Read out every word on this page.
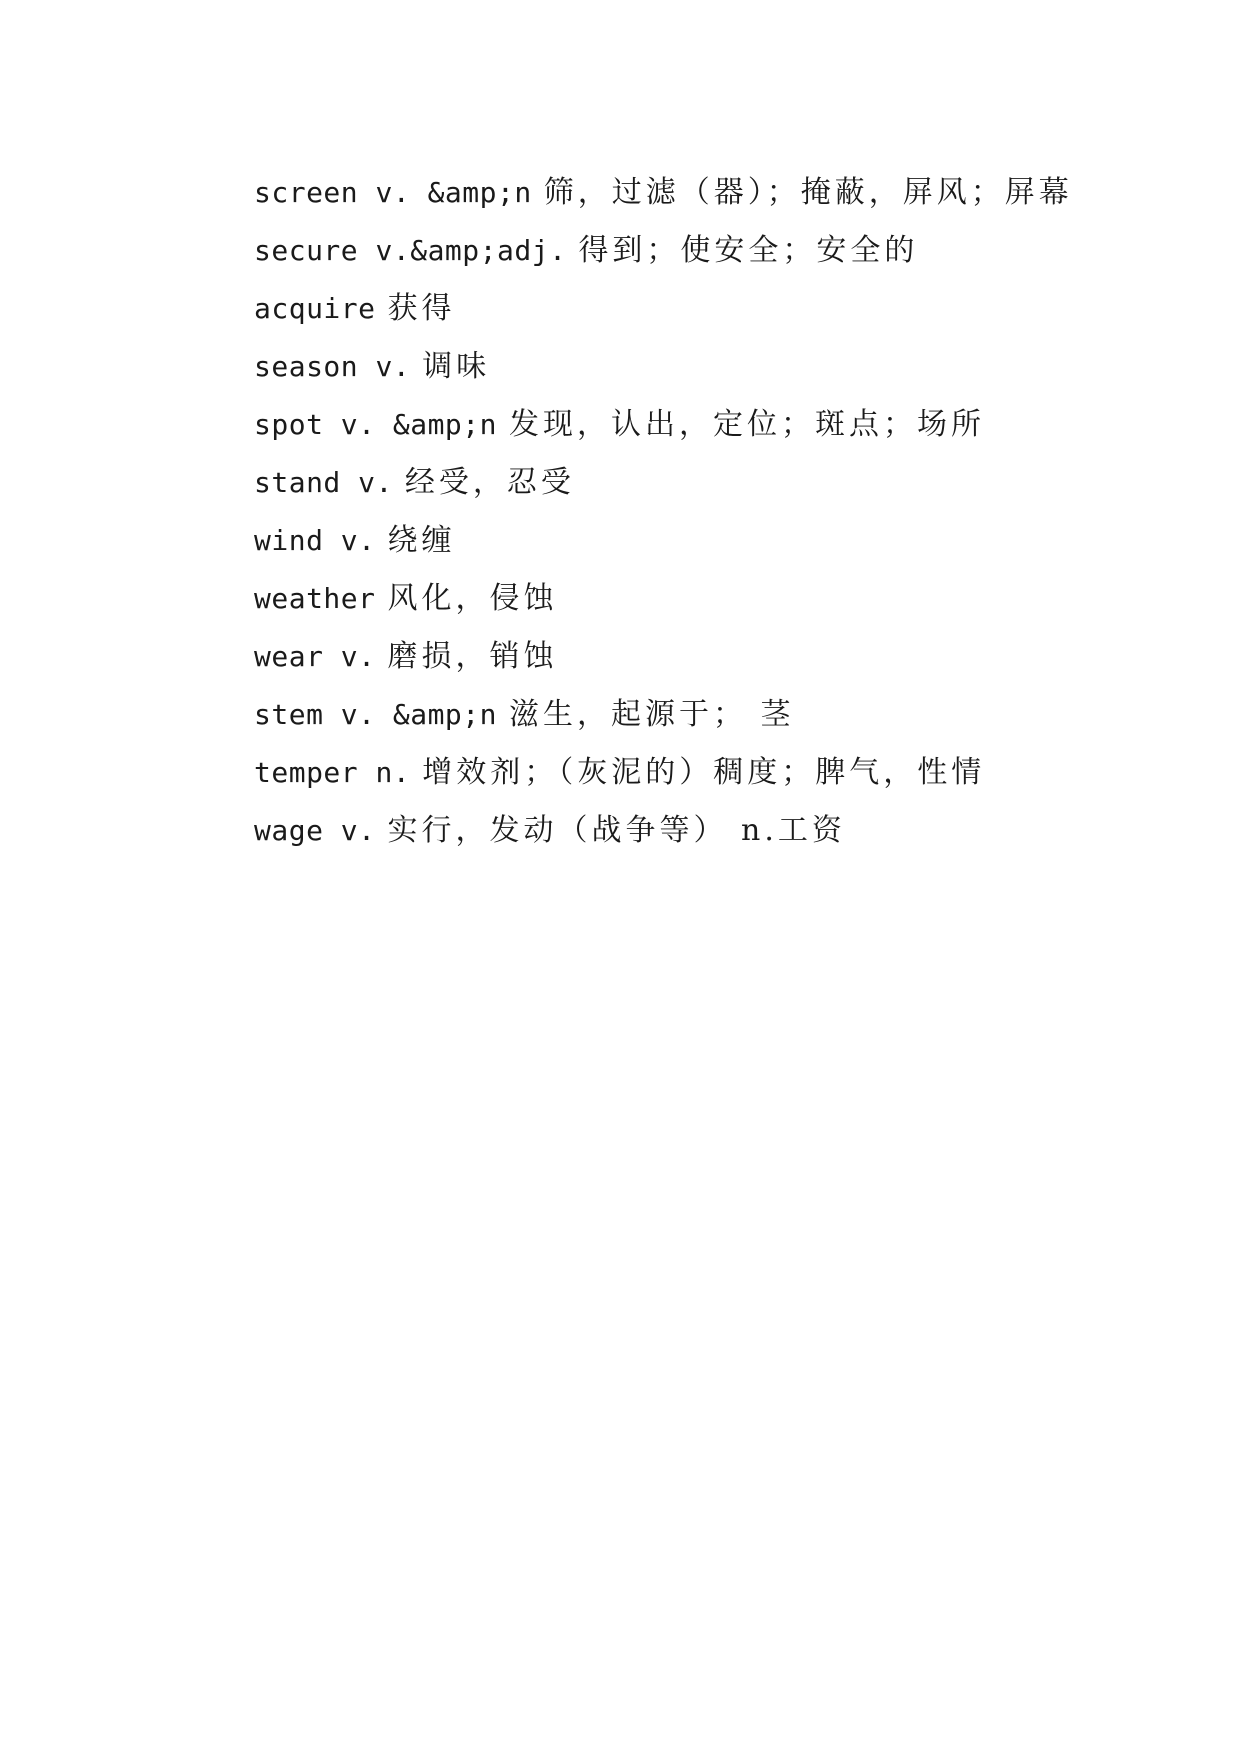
screen v. &amp;n 筛，过滤（器）；掩蔽，屏风；屏幕
secure v.&amp;adj. 得到；使安全；安全的
acquire 获得
season v. 调味
spot v. &amp;n 发现，认出，定位；斑点；场所
stand v. 经受，忍受
wind v. 绕缠
weather 风化，侵蚀
wear v. 磨损，销蚀
stem v. &amp;n 滋生，起源于； 茎
temper n. 增效剂；（灰泥的）稠度；脾气，性情
wage v. 实行，发动（战争等） n.工资
